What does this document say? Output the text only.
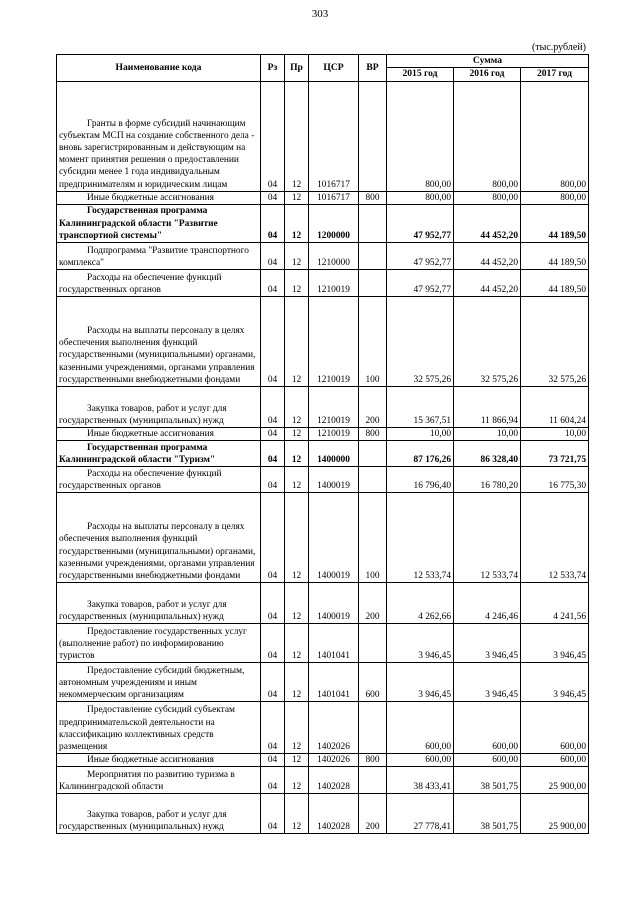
303
(тыс.рублей)
Наименование кода	Рз	Пр	ЦСР	ВР	Сумма		
					2015 год	2016 год	2017 год
Гранты в форме субсидий начинающим субъектам МСП на создание собственного дела - вновь зарегистрированным и действующим на момент принятия решения о предоставлении субсидии менее 1 года индивидуальным предпринимателям и юридическим лицам	04	12	1016717		800,00	800,00	800,00
Иные бюджетные ассигнования	04	12	1016717	800	800,00	800,00	800,00
Государственная программа Калининградской области "Развитие транспортной системы"	04	12	1200000		47 952,77	44 452,20	44 189,50
Подпрограмма "Развитие транспортного комплекса"	04	12	1210000		47 952,77	44 452,20	44 189,50
Расходы на обеспечение функций государственных органов	04	12	1210019		47 952,77	44 452,20	44 189,50
Расходы на выплаты персоналу в целях обеспечения выполнения функций государственными (муниципальными) органами, казенными учреждениями, органами управления государственными внебюджетными фондами	04	12	1210019	100	32 575,26	32 575,26	32 575,26
Закупка товаров, работ и услуг для государственных (муниципальных) нужд	04	12	1210019	200	15 367,51	11 866,94	11 604,24
Иные бюджетные ассигнования	04	12	1210019	800	10,00	10,00	10,00
Государственная программа Калининградской области "Туризм"	04	12	1400000		87 176,26	86 328,40	73 721,75
Расходы на обеспечение функций государственных органов	04	12	1400019		16 796,40	16 780,20	16 775,30
Расходы на выплаты персоналу в целях обеспечения выполнения функций государственными (муниципальными) органами, казенными учреждениями, органами управления государственными внебюджетными фондами	04	12	1400019	100	12 533,74	12 533,74	12 533,74
Закупка товаров, работ и услуг для государственных (муниципальных) нужд	04	12	1400019	200	4 262,66	4 246,46	4 241,56
Предоставление государственных услуг (выполнение работ) по информированию туристов	04	12	1401041		3 946,45	3 946,45	3 946,45
Предоставление субсидий бюджетным, автономным учреждениям и иным некоммерческим организациям	04	12	1401041	600	3 946,45	3 946,45	3 946,45
Предоставление субсидий субъектам предпринимательской деятельности на классификацию коллективных средств размещения	04	12	1402026		600,00	600,00	600,00
Иные бюджетные ассигнования	04	12	1402026	800	600,00	600,00	600,00
Мероприятия по развитию туризма в Калининградской области	04	12	1402028		38 433,41	38 501,75	25 900,00
Закупка товаров, работ и услуг для государственных (муниципальных) нужд	04	12	1402028	200	27 778,41	38 501,75	25 900,00
